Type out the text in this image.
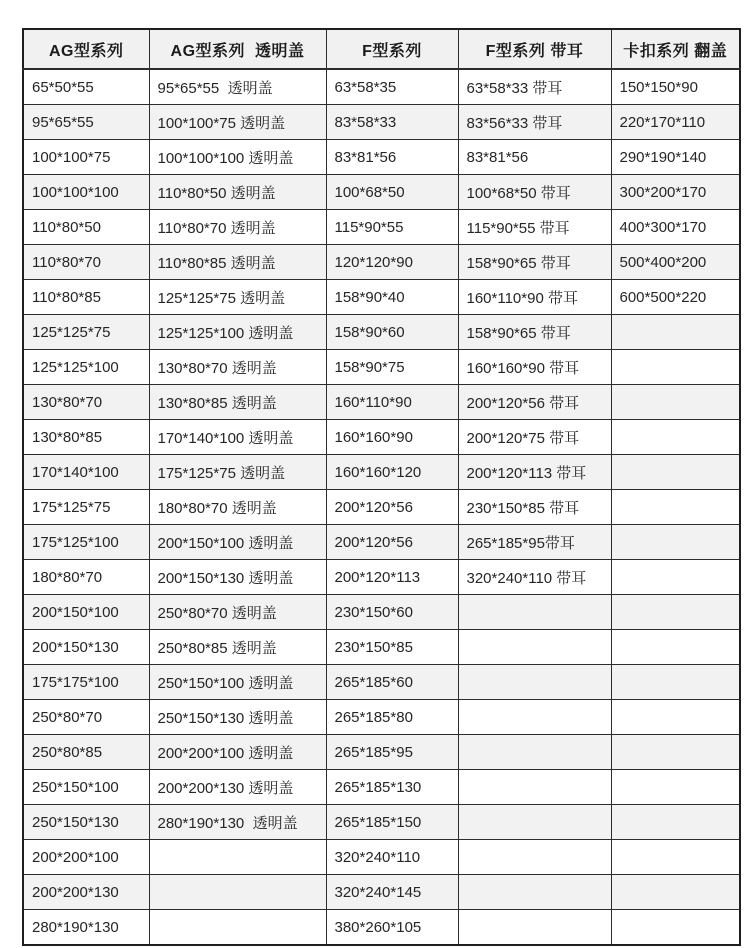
AG型系列	AG型系列  透明盖	F型系列	F型系列 带耳	卡扣系列 翻盖
65*50*55	95*65*55  透明盖	63*58*35	63*58*33 带耳	150*150*90
95*65*55	100*100*75 透明盖	83*58*33	83*56*33 带耳	220*170*110
100*100*75	100*100*100 透明盖	83*81*56	83*81*56	290*190*140
100*100*100	110*80*50 透明盖	100*68*50	100*68*50 带耳	300*200*170
110*80*50	110*80*70 透明盖	115*90*55	115*90*55 带耳	400*300*170
110*80*70	110*80*85 透明盖	120*120*90	158*90*65 带耳	500*400*200
110*80*85	125*125*75 透明盖	158*90*40	160*110*90 带耳	600*500*220
125*125*75	125*125*100 透明盖	158*90*60	158*90*65 带耳	
125*125*100	130*80*70 透明盖	158*90*75	160*160*90 带耳	
130*80*70	130*80*85 透明盖	160*110*90	200*120*56 带耳	
130*80*85	170*140*100 透明盖	160*160*90	200*120*75 带耳	
170*140*100	175*125*75 透明盖	160*160*120	200*120*113 带耳	
175*125*75	180*80*70 透明盖	200*120*56	230*150*85 带耳	
175*125*100	200*150*100 透明盖	200*120*56	265*185*95带耳	
180*80*70	200*150*130 透明盖	200*120*113	320*240*110 带耳	
200*150*100	250*80*70 透明盖	230*150*60		
200*150*130	250*80*85 透明盖	230*150*85		
175*175*100	250*150*100 透明盖	265*185*60		
250*80*70	250*150*130 透明盖	265*185*80		
250*80*85	200*200*100 透明盖	265*185*95		
250*150*100	200*200*130 透明盖	265*185*130		
250*150*130	280*190*130  透明盖	265*185*150		
200*200*100		320*240*110		
200*200*130		320*240*145		
280*190*130		380*260*105		
